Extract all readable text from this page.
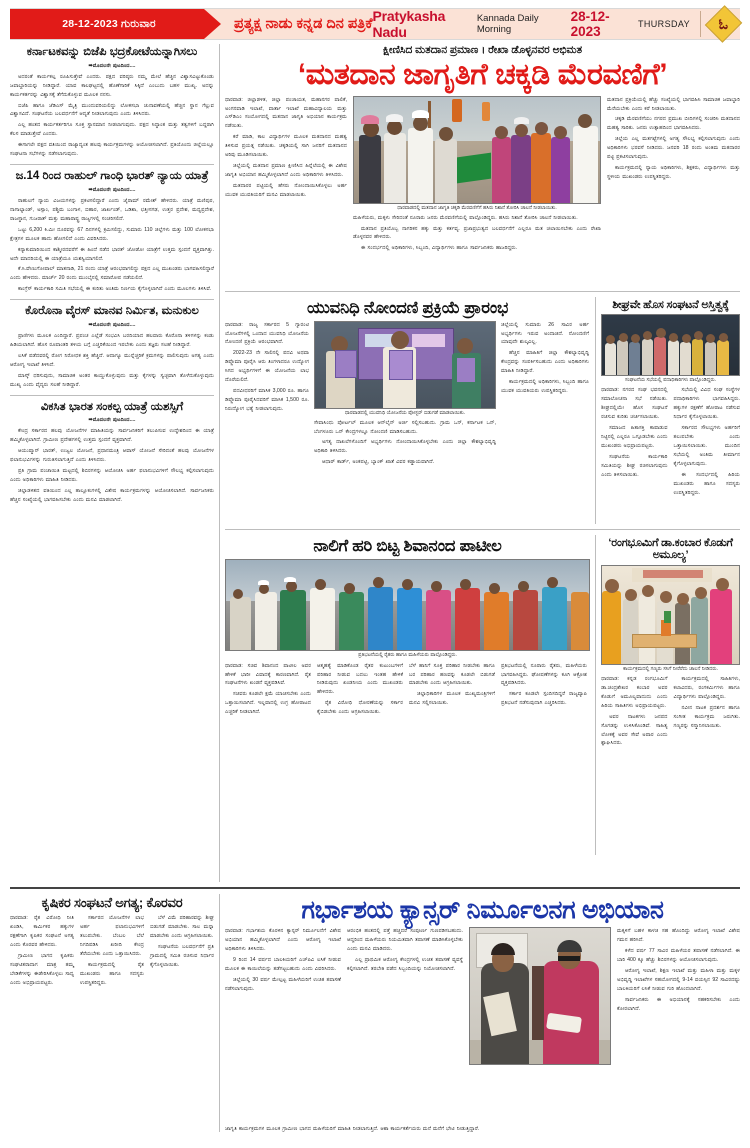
28-12-2023 ಗುರುವಾರ	ಪ್ರತ್ಯಕ್ಷ ನಾಡು ಕನ್ನಡ ದಿನ ಪತ್ರಿಕೆ Pratykasha Nadu
Kannada Daily Morning
28-12-2023	THURSDAY ಓ
ಕರ್ನಾಟಕವನ್ನು ಬಿಜೆಪಿ ಭದ್ರಕೋಟೆಯನ್ನಾಗಿಸಲು

➡ಮೊದಲನೇ ಪುಟದಿಂದ....

ಅದರಂತೆ ಕಾರ್ಯಕಲ್ಪ ರೂಪಿಸುತ್ತೇವೆ ಎಂದರು. ಪಕ್ಷದ ವರಿಷ್ಠರು ನಮ್ಮ ಮೇಲೆ ಹೆಚ್ಚಿನ ವಿಶ್ವಾಸವಿಟ್ಟುಕೊಂಡು ಜವಾಬ್ದಾರಿಯನ್ನು ನೀಡಿದ್ದಾರೆ. ಯಾವ ಕಾಲಘಟ್ಟದಲ್ಲಿ ಹೊಣೆಗಾರಿಕೆ ಸಿಕ್ಕಿದೆ ಎಂಬುದು ಬಹಳ ಮುಖ್ಯ. ಅದನ್ನು ಕಾರ್ಯಕರ್ತರನ್ನು ವಿಶ್ವಾಸಕ್ಕೆ ತೆಗೆದುಕೊಳ್ಳುವ ಮೂಲಕ ನನಸು.

ಬಿಜೆಪಿ ಹಾಗೂ ಜೆಡಿಎಸ್ ಮೈತ್ರಿ ಮುಂದುವರಿಯಲಿದ್ದು ಲೋಕಸಭಾ ಚುನಾವಣೆಯಲ್ಲಿ ಹೆಚ್ಚಿನ ಸ್ಥಾನ ಗೆಲ್ಲುವ ವಿಶ್ವಾಸವಿದೆ. ಸಂಘಟನೆಯ ಬಲವರ್ಧನೆಗೆ ಆದ್ಯತೆ ನೀಡಲಾಗುವುದು ಎಂದು ತಿಳಿಸಿದರು.

ಎಲ್ಲ ಹಂತದ ಕಾರ್ಯಕರ್ತರಿಗೂ ಸೂಕ್ತ ಸ್ಥಾನಮಾನ ನೀಡಲಾಗುವುದು. ಪಕ್ಷದ ಸಿದ್ಧಾಂತ ಮತ್ತು ತತ್ವಗಳಿಗೆ ಬದ್ಧರಾಗಿ ಕೆಲಸ ಮಾಡುತ್ತೇವೆ ಎಂದರು.

ಈಗಾಗಲೇ ಪಕ್ಷದ ವತಿಯಿಂದ ರಾಜ್ಯಾದ್ಯಂತ ಹಲವು ಕಾರ್ಯಕ್ರಮಗಳನ್ನು ಆಯೋಜಿಸಲಾಗಿದೆ. ಪ್ರತಿಯೊಂದು ಜಿಲ್ಲೆಯಲ್ಲೂ ಸಂಘಟನಾ ಸಭೆಗಳನ್ನು ನಡೆಸಲಾಗುವುದು.

ಜ.14 ರಿಂದ ರಾಹುಲ್ ಗಾಂಧಿ ಭಾರತ್ ನ್ಯಾಯ ಯಾತ್ರೆ

➡ಮೊದಲನೇ ಪುಟದಿಂದ....

ರಾಹುಲಗೆ ನ್ಯಾಯ ವಿಜಯಗಳನ್ನು ಪ್ರಕಟಿಸಲಿದ್ದಾರೆ ಎಂದು ಜೈರಾಮ್ ರಮೇಶ್ ಹೇಳಿದರು. ಯಾತ್ರೆ ಮಣಿಪುರ, ನಾಗಾಲ್ಯಾಂಡ್, ಅಸ್ಸಾಂ, ಪಶ್ಚಿಮ ಬಂಗಾಳ, ಬಿಹಾರ, ಜಾರ್ಖಂಡ್, ಒಡಿಶಾ, ಛತ್ತೀಸಗಢ, ಉತ್ತರ ಪ್ರದೇಶ, ಮಧ್ಯಪ್ರದೇಶ, ರಾಜಸ್ಥಾನ, ಗುಜರಾತ್ ಮತ್ತು ಮಹಾರಾಷ್ಟ್ರ ರಾಜ್ಯಗಳಲ್ಲಿ ಸಂಚರಿಸಲಿದೆ.

ಒಟ್ಟು 6,200 ಕಿ.ಮೀ ದೂರವನ್ನು 67 ದಿನಗಳಲ್ಲಿ ಕ್ರಮಿಸಲಿದ್ದು, ಸುಮಾರು 110 ಜಿಲ್ಲೆಗಳು ಮತ್ತು 100 ಲೋಕಸಭಾ ಕ್ಷೇತ್ರಗಳ ಮೂಲಕ ಹಾದು ಹೋಗಲಿದೆ ಎಂದು ವಿವರಿಸಿದರು.

ಕನ್ಯಾಕುಮಾರಿಯಿಂದ ಕಾಶ್ಮೀರದವರೆಗೆ ಈ ಹಿಂದೆ ನಡೆದ ಭಾರತ್ ಜೋಡೋ ಯಾತ್ರೆಗೆ ಉತ್ತಮ ಸ್ಪಂದನೆ ವ್ಯಕ್ತವಾಗಿತ್ತು. ಅದೇ ಮಾದರಿಯಲ್ಲಿ ಈ ಯಾತ್ರೆಯೂ ಯಶಸ್ವಿಯಾಗಲಿದೆ.

ಕೆ.ಸಿ.ವೇಣುಗೋಪಾಲ್ ಮಾತನಾಡಿ, 21 ರಂದು ಯಾತ್ರೆ ಆರಂಭವಾಗಲಿದ್ದು ಪಕ್ಷದ ಎಲ್ಲ ಮುಖಂಡರು ಭಾಗವಹಿಸಲಿದ್ದಾರೆ ಎಂದು ಹೇಳಿದರು. ಮಾರ್ಚ್ 20 ರಂದು ಮುಂಬೈನಲ್ಲಿ ಸಮಾರೋಪ ನಡೆಯಲಿದೆ.

ಕಾಂಗ್ರೆಸ್ ಕಾರ್ಯಕಾರಿ ಸಮಿತಿ ಸಭೆಯಲ್ಲಿ ಈ ಕುರಿತು ಅಂತಿಮ ನಿರ್ಣಯ ಕೈಗೊಳ್ಳಲಾಗಿದೆ ಎಂದು ಮೂಲಗಳು ತಿಳಿಸಿವೆ.

ಕೊರೊನಾ ವೈರಸ್ ಮಾನವ ನಿರ್ಮಿತ, ಮನುಕುಲ

➡ಮೊದಲನೇ ಪುಟದಿಂದ....

ಪ್ರಾಣಿಗಳು ಮೂಲಕ ಎಂದಿದ್ದಾರೆ. ಪ್ರಪಂಚ ಎಲ್ಲೆಡೆ ಸಂಭವಿಸಿ ಬರದಿಯಾದ ಹಲವಾರು ಕೊರೊನಾ ತಳಿಗಳನ್ನು ಕಂಡು ಹಿಡಿಯಲಾಗಿದೆ. ಹೊಸ ರೂಪಾಂತರಿ ತಳಿಯ ಬಗ್ಗೆ ಎಚ್ಚರಿಕೆಯಿಂದ ಇರಬೇಕು ಎಂದು ತಜ್ಞರು ಸಲಹೆ ನೀಡಿದ್ದಾರೆ.

ಲಸಿಕೆ ಪಡೆದವರಲ್ಲಿ ರೋಗ ನಿರೋಧಕ ಶಕ್ತಿ ಹೆಚ್ಚಿದೆ. ಆದಾಗ್ಯೂ ಮುನ್ನೆಚ್ಚರಿಕೆ ಕ್ರಮಗಳನ್ನು ಪಾಲಿಸುವುದು ಅಗತ್ಯ ಎಂದು ಆರೋಗ್ಯ ಇಲಾಖೆ ತಿಳಿಸಿದೆ.

ಮಾಸ್ಕ್ ಧರಿಸುವುದು, ಸಾಮಾಜಿಕ ಅಂತರ ಕಾಯ್ದುಕೊಳ್ಳುವುದು ಮತ್ತು ಕೈಗಳನ್ನು ಸ್ವಚ್ಛವಾಗಿ ತೊಳೆದುಕೊಳ್ಳುವುದು ಮುಖ್ಯ ಎಂದು ವೈದ್ಯರು ಸಲಹೆ ನೀಡಿದ್ದಾರೆ.

ವಿಕಸಿತ ಭಾರತ ಸಂಕಲ್ಪ ಯಾತ್ರೆ ಯಶಸ್ಸಿಗೆ

➡ಮೊದಲನೇ ಪುಟದಿಂದ....

ಕೇಂದ್ರ ಸರ್ಕಾರದ ಹಲವು ಯೋಜನೆಗಳ ಮಾಹಿತಿಯನ್ನು ಸಾರ್ವಜನಿಕರಿಗೆ ತಲುಪಿಸುವ ಉದ್ದೇಶದಿಂದ ಈ ಯಾತ್ರೆ ಹಮ್ಮಿಕೊಳ್ಳಲಾಗಿದೆ. ಗ್ರಾಮೀಣ ಪ್ರದೇಶಗಳಲ್ಲಿ ಉತ್ತಮ ಸ್ಪಂದನೆ ವ್ಯಕ್ತವಾಗಿದೆ.

ಆಯುಷ್ಮಾನ್ ಭಾರತ್, ಉಜ್ವಲ ಯೋಜನೆ, ಪ್ರಧಾನಮಂತ್ರಿ ಆವಾಸ್ ಯೋಜನೆ ಸೇರಿದಂತೆ ಹಲವು ಯೋಜನೆಗಳ ಫಲಾನುಭವಿಗಳನ್ನು ಗುರುತಿಸಲಾಗುತ್ತಿದೆ ಎಂದು ತಿಳಿಸಿದರು.

ಪ್ರತಿ ಗ್ರಾಮ ಪಂಚಾಯಿತಿ ಮಟ್ಟದಲ್ಲಿ ಶಿಬಿರಗಳನ್ನು ಆಯೋಜಿಸಿ ಅರ್ಹ ಫಲಾನುಭವಿಗಳಿಗೆ ಸೌಲಭ್ಯ ಕಲ್ಪಿಸಲಾಗುವುದು ಎಂದು ಅಧಿಕಾರಿಗಳು ಮಾಹಿತಿ ನೀಡಿದರು.

ಜಿಲ್ಲಾಡಳಿತದ ವತಿಯಿಂದ ಎಲ್ಲ ತಾಲ್ಲೂಕುಗಳಲ್ಲಿ ವಿಶೇಷ ಕಾರ್ಯಕ್ರಮಗಳನ್ನು ಆಯೋಜಿಸಲಾಗಿದೆ. ಸಾರ್ವಜನಿಕರು ಹೆಚ್ಚಿನ ಸಂಖ್ಯೆಯಲ್ಲಿ ಭಾಗವಹಿಸಬೇಕು ಎಂದು ಮನವಿ ಮಾಡಲಾಗಿದೆ.

ಕ್ಷೀಣಿಸಿದ ಮತದಾನ ಪ್ರಮಾಣ । ರೇಖಾ ಡೊಳ್ಳನವರ ಅಭಿಮತ
‘ಮತದಾನ ಜಾಗೃತಿಗೆ ಚಕ್ಕಡಿ ಮೆರವಣಿಗೆ’

ಧಾರವಾಡ: ಜಿಲ್ಲಾಡಳಿತ, ಜಿಲ್ಲಾ ಪಂಚಾಯತ, ಮಹಾನಗರ ಪಾಲಿಕೆ, ಅಂಗನವಾಡಿ ಇಲಾಖೆ, ವಾರ್ತಾ ಇಲಾಖೆ ಮಹಾವಿದ್ಯಾಲಯ ಮತ್ತು ಎಸ್‌ಡಿಎಂ ಸಂಯೋಗದಲ್ಲಿ ಮತದಾನ ಜಾಗೃತಿ ಅಭಿಯಾನ ಕಾರ್ಯಕ್ರಮ ನಡೆಯಿತು.

ಕರೆ ಮಾಡಿ, ಕಾಲ ವಿದ್ಯಾರ್ಥಿಗಳ ಮೂಲಕ ಮತದಾನದ ಮಹತ್ವ ತಿಳಿಸುವ ಪ್ರಯತ್ನ ನಡೆಯಿತು. ಚಕ್ಕಡಿಯಲ್ಲಿ ಸಾಗಿ ಜನರಿಗೆ ಮತದಾನದ ಅರಿವು ಮೂಡಿಸಲಾಯಿತು.

ಜಿಲ್ಲೆಯಲ್ಲಿ ಮತದಾನ ಪ್ರಮಾಣ ಕ್ಷೀಣಿಸಿದ ಹಿನ್ನೆಲೆಯಲ್ಲಿ ಈ ವಿಶೇಷ ಜಾಗೃತಿ ಅಭಿಯಾನ ಹಮ್ಮಿಕೊಳ್ಳಲಾಗಿದೆ ಎಂದು ಅಧಿಕಾರಿಗಳು ತಿಳಿಸಿದರು.

ಮತದಾರರ ಪಟ್ಟಿಯಲ್ಲಿ ಹೆಸರು ನೋಂದಾಯಿಸಿಕೊಳ್ಳಲು ಅರ್ಹ ಯುವಕ ಯುವತಿಯರಿಗೆ ಮನವಿ ಮಾಡಲಾಯಿತು.

ಧಾರವಾಡದಲ್ಲಿ ಮತದಾನ ಜಾಗೃತಿ ಚಕ್ಕಡಿ ಮೆರವಣಿಗೆಗೆ ಹಸಿರು ನಿಶಾನೆ ತೋರಿಸಿ ಚಾಲನೆ ನೀಡಲಾಯಿತು.

ಮಹಿಳೆಯರು, ಮಕ್ಕಳು ಸೇರಿದಂತೆ ನೂರಾರು ಜನರು ಮೆರವಣಿಗೆಯಲ್ಲಿ ಪಾಲ್ಗೊಂಡಿದ್ದರು. ಹಸಿರು ನಿಶಾನೆ ತೋರಿಸಿ ಚಾಲನೆ ನೀಡಲಾಯಿತು.

ಮತದಾನ ಪ್ರತಿಯೊಬ್ಬ ನಾಗರಿಕನ ಹಕ್ಕು ಮತ್ತು ಕರ್ತವ್ಯ. ಪ್ರಜಾಪ್ರಭುತ್ವದ ಬಲವರ್ಧನೆಗೆ ಎಲ್ಲರೂ ಮತ ಚಲಾಯಿಸಬೇಕು ಎಂದು ರೇಖಾ ಡೊಳ್ಳನವರ ಹೇಳಿದರು.

ಈ ಸಂದರ್ಭದಲ್ಲಿ ಅಧಿಕಾರಿಗಳು, ಸಿಬ್ಬಂದಿ, ವಿದ್ಯಾರ್ಥಿಗಳು ಹಾಗೂ ಸಾರ್ವಜನಿಕರು ಹಾಜರಿದ್ದರು.

ಮತದಾನ ಪ್ರಕ್ರಿಯೆಯಲ್ಲಿ ಹೆಚ್ಚು ಸಂಖ್ಯೆಯಲ್ಲಿ ಭಾಗವಹಿಸಿ ಸಾಮಾಜಿಕ ಜವಾಬ್ದಾರಿ ಮೆರೆಯಬೇಕು ಎಂದು ಕರೆ ನೀಡಲಾಯಿತು.

ಚಕ್ಕಡಿ ಮೆರವಣಿಗೆಯು ನಗರದ ಪ್ರಮುಖ ಬೀದಿಗಳಲ್ಲಿ ಸಂಚರಿಸಿ ಮತದಾನದ ಮಹತ್ವ ಸಾರಿತು. ಜನರು ಉತ್ಸಾಹದಿಂದ ಭಾಗವಹಿಸಿದರು.

ಜಿಲ್ಲೆಯ ಎಲ್ಲ ಮತಗಟ್ಟೆಗಳಲ್ಲಿ ಅಗತ್ಯ ಸೌಲಭ್ಯ ಕಲ್ಪಿಸಲಾಗುವುದು ಎಂದು ಅಧಿಕಾರಿಗಳು ಭರವಸೆ ನೀಡಿದರು. ಜನವರಿ 18 ರಂದು ಅಂತಿಮ ಮತದಾರರ ಪಟ್ಟಿ ಪ್ರಕಟಿಸಲಾಗುವುದು.

ಕಾರ್ಯಕ್ರಮದಲ್ಲಿ ನ್ಯಾಯ ಅಧಿಕಾರಿಗಳು, ಶಿಕ್ಷಕರು, ವಿದ್ಯಾರ್ಥಿಗಳು ಮತ್ತು ಸ್ಥಳೀಯ ಮುಖಂಡರು ಉಪಸ್ಥಿತರಿದ್ದರು.

ಯುವನಿಧಿ ನೋಂದಣಿ ಪ್ರಕ್ರಿಯೆ ಪ್ರಾರಂಭ

ಧಾರವಾಡ: ರಾಜ್ಯ ಸರ್ಕಾರದ 5 ಗ್ಯಾರಂಟಿ ಯೋಜನೆಗಳಲ್ಲಿ ಒಂದಾದ ಯುವನಿಧಿ ಯೋಜನೆಯ ನೋಂದಣಿ ಪ್ರಕ್ರಿಯೆ ಆರಂಭವಾಗಿದೆ.

2022-23 ನೇ ಸಾಲಿನಲ್ಲಿ ಪದವಿ ಅಥವಾ ಡಿಪ್ಲೊಮಾ ಪೂರೈಸಿ ಆರು ತಿಂಗಳಾದರೂ ಉದ್ಯೋಗ ಸಿಗದ ಅಭ್ಯರ್ಥಿಗಳಿಗೆ ಈ ಯೋಜನೆಯ ಲಾಭ ದೊರೆಯಲಿದೆ.

ಪದವೀಧರರಿಗೆ ಮಾಸಿಕ 3,000 ರೂ. ಹಾಗೂ ಡಿಪ್ಲೊಮಾ ಪೂರೈಸಿದವರಿಗೆ ಮಾಸಿಕ 1,500 ರೂ. ನಿರುದ್ಯೋಗ ಭತ್ಯೆ ನೀಡಲಾಗುವುದು.

ಧಾರವಾಡದಲ್ಲಿ ಯುವನಿಧಿ ಯೋಜನೆಯ ಪೋಸ್ಟರ್ ಬಿಡುಗಡೆ ಮಾಡಲಾಯಿತು.

ಸೇವಾಸಿಂಧು ಪೋರ್ಟಲ್ ಮೂಲಕ ಆನ್‌ಲೈನ್ ಅರ್ಜಿ ಸಲ್ಲಿಸಬಹುದು. ಗ್ರಾಮ ಒನ್, ಕರ್ನಾಟಕ ಒನ್, ಬೆಂಗಳೂರು ಒನ್ ಕೇಂದ್ರಗಳಲ್ಲೂ ನೋಂದಣಿ ಮಾಡಿಸಬಹುದು.

ಅಗತ್ಯ ದಾಖಲೆಗಳೊಂದಿಗೆ ಅಭ್ಯರ್ಥಿಗಳು ನೋಂದಾಯಿಸಿಕೊಳ್ಳಬೇಕು ಎಂದು ಜಿಲ್ಲಾ ಕೌಶಲ್ಯಾಭಿವೃದ್ಧಿ ಅಧಿಕಾರಿ ತಿಳಿಸಿದರು.

ಆಧಾರ್ ಕಾರ್ಡ್, ಅಂಕಪಟ್ಟಿ, ಬ್ಯಾಂಕ್ ಖಾತೆ ವಿವರ ಕಡ್ಡಾಯವಾಗಿದೆ.

ಜಿಲ್ಲೆಯಲ್ಲಿ ಸುಮಾರು 26 ಸಾವಿರ ಅರ್ಹ ಅಭ್ಯರ್ಥಿಗಳು ಇರುವ ಅಂದಾಜಿದೆ. ನೋಂದಣಿಗೆ ಯಾವುದೇ ಶುಲ್ಕವಿಲ್ಲ.

ಹೆಚ್ಚಿನ ಮಾಹಿತಿಗೆ ಜಿಲ್ಲಾ ಕೌಶಲ್ಯಾಭಿವೃದ್ಧಿ ಕೇಂದ್ರವನ್ನು ಸಂಪರ್ಕಿಸಬಹುದು ಎಂದು ಅಧಿಕಾರಿಗಳು ಮಾಹಿತಿ ನೀಡಿದ್ದಾರೆ.

ಕಾರ್ಯಕ್ರಮದಲ್ಲಿ ಅಧಿಕಾರಿಗಳು, ಸಿಬ್ಬಂದಿ ಹಾಗೂ ಯುವಕ ಯುವತಿಯರು ಉಪಸ್ಥಿತರಿದ್ದರು.

ಶೀಘ್ರವೇ ಹೊಸ ಸಂಘಟನೆ ಅಸ್ತಿತ್ವಕ್ಕೆ
ಸಂಘಟನೆಯ ಸಭೆಯಲ್ಲಿ ಪದಾಧಿಕಾರಿಗಳು ಪಾಲ್ಗೊಂಡಿದ್ದರು.

ಧಾರವಾಡ: ನಗರದ ಸಂಘ ಭವನದಲ್ಲಿ ಸಮಾಲೋಚನಾ ಸಭೆ ನಡೆಯಿತು. ಶೀಘ್ರದಲ್ಲಿಯೇ ಹೊಸ ಸಂಘಟನೆ ರಚಿಸುವ ಕುರಿತು ಚರ್ಚಿಸಲಾಯಿತು.

ಸಮಾಜದ ಹಿತಾಸಕ್ತಿ ಕಾಪಾಡುವ ನಿಟ್ಟಿನಲ್ಲಿ ಎಲ್ಲರೂ ಒಗ್ಗೂಡಬೇಕು ಎಂದು ಮುಖಂಡರು ಅಭಿಪ್ರಾಯಪಟ್ಟರು.

ಸಂಘಟನೆಯ ಕಾರ್ಯಕಾರಿ ಸಮಿತಿಯನ್ನು ಶೀಘ್ರ ರಚಿಸಲಾಗುವುದು ಎಂದು ತಿಳಿಸಲಾಯಿತು.

ಸಭೆಯಲ್ಲಿ ವಿವಿಧ ಸಂಘ ಸಂಸ್ಥೆಗಳ ಪದಾಧಿಕಾರಿಗಳು ಭಾಗವಹಿಸಿದ್ದರು. ಹಕ್ಕುಗಳ ರಕ್ಷಣೆಗೆ ಹೋರಾಟ ನಡೆಸುವ ನಿರ್ಧಾರ ಕೈಗೊಳ್ಳಲಾಯಿತು.

ಸರ್ಕಾರದ ಸೌಲಭ್ಯಗಳು ಅರ್ಹರಿಗೆ ತಲುಪಬೇಕು ಎಂದು ಒತ್ತಾಯಿಸಲಾಯಿತು. ಮುಂದಿನ ಸಭೆಯಲ್ಲಿ ಅಂತಿಮ ತೀರ್ಮಾನ ಕೈಗೊಳ್ಳಲಾಗುವುದು.

ಈ ಸಂದರ್ಭದಲ್ಲಿ ಹಿರಿಯ ಮುಖಂಡರು ಹಾಗೂ ಸದಸ್ಯರು ಉಪಸ್ಥಿತರಿದ್ದರು.

ನಾಲಿಗೆ ಹರಿ ಬಿಟ್ಟ ಶಿವಾನಂದ ಪಾಟೀಲ
ಪ್ರತಿಭಟನೆಯಲ್ಲಿ ರೈತರು ಹಾಗೂ ಮಹಿಳೆಯರು ಪಾಲ್ಗೊಂಡಿದ್ದರು.

ಧಾರವಾಡ: ಸಚಿವ ಶಿವಾನಂದ ಪಾಟೀಲ ಅವರ ಹೇಳಿಕೆ ಭಾರೀ ವಿವಾದಕ್ಕೆ ಕಾರಣವಾಗಿದೆ. ರೈತ ಸಂಘಟನೆಗಳು ಖಂಡನೆ ವ್ಯಕ್ತಪಡಿಸಿವೆ.

ಸಚಿವರು ಕೂಡಲೇ ಕ್ಷಮೆ ಯಾಚಿಸಬೇಕು ಎಂದು ಒತ್ತಾಯಿಸಲಾಗಿದೆ. ಇಲ್ಲವಾದಲ್ಲಿ ಉಗ್ರ ಹೋರಾಟದ ಎಚ್ಚರಿಕೆ ನೀಡಲಾಗಿದೆ.

ಆತ್ಮಹತ್ಯೆ ಮಾಡಿಕೊಂಡ ರೈತರ ಕುಟುಂಬಗಳಿಗೆ ಪರಿಹಾರ ನೀಡುವ ಬದಲು ಇಂತಹ ಹೇಳಿಕೆ ನೀಡಿರುವುದು ಖಂಡನೀಯ ಎಂದು ಮುಖಂಡರು ಹೇಳಿದರು.

ರೈತ ವಿರೋಧಿ ಧೋರಣೆಯನ್ನು ಸರ್ಕಾರ ಕೈಬಿಡಬೇಕು ಎಂದು ಆಗ್ರಹಿಸಲಾಯಿತು.

ಬೆಳೆ ಹಾನಿಗೆ ಸೂಕ್ತ ಪರಿಹಾರ ನೀಡಬೇಕು ಹಾಗೂ ಬರ ಪರಿಹಾರ ಹಣವನ್ನು ಕೂಡಲೇ ಬಿಡುಗಡೆ ಮಾಡಬೇಕು ಎಂದು ಆಗ್ರಹಿಸಲಾಯಿತು.

ಜಿಲ್ಲಾಧಿಕಾರಿಗಳ ಮೂಲಕ ಮುಖ್ಯಮಂತ್ರಿಗಳಿಗೆ ಮನವಿ ಸಲ್ಲಿಸಲಾಯಿತು.

ಪ್ರತಿಭಟನೆಯಲ್ಲಿ ನೂರಾರು ರೈತರು, ಮಹಿಳೆಯರು ಭಾಗವಹಿಸಿದ್ದರು. ಘೋಷಣೆಗಳನ್ನು ಕೂಗಿ ಆಕ್ರೋಶ ವ್ಯಕ್ತಪಡಿಸಿದರು.

ಸರ್ಕಾರ ಕೂಡಲೇ ಸ್ಪಂದಿಸದಿದ್ದರೆ ರಾಜ್ಯವ್ಯಾಪಿ ಪ್ರತಿಭಟನೆ ನಡೆಸುವುದಾಗಿ ಎಚ್ಚರಿಸಿದರು.

‘ರಂಗಭೂಮಿಗೆ ಡಾ.ಕಂಬಾರ ಕೊಡುಗೆ ಅಮೂಲ್ಯ’
ಕಾರ್ಯಕ್ರಮದಲ್ಲಿ ಗಣ್ಯರು ಸಸಿಗೆ ನೀರೆರೆದು ಚಾಲನೆ ನೀಡಿದರು.

ಧಾರವಾಡ: ಕನ್ನಡ ರಂಗಭೂಮಿಗೆ ಡಾ.ಚಂದ್ರಶೇಖರ ಕಂಬಾರ ಅವರ ಕೊಡುಗೆ ಅಮೂಲ್ಯವಾದುದು ಎಂದು ಹಿರಿಯ ಸಾಹಿತಿಗಳು ಅಭಿಪ್ರಾಯಪಟ್ಟರು.

ಅವರ ನಾಟಕಗಳು ಜನಪದ ಸೊಗಡನ್ನು ಉಳಿಸಿಕೊಂಡಿವೆ. ಸಾಹಿತ್ಯ ಲೋಕಕ್ಕೆ ಅವರ ಸೇವೆ ಅಪಾರ ಎಂದು ಶ್ಲಾಘಿಸಿದರು.

ಕಾರ್ಯಕ್ರಮದಲ್ಲಿ ಸಾಹಿತಿಗಳು, ಕಲಾವಿದರು, ರಂಗಕರ್ಮಿಗಳು ಹಾಗೂ ವಿದ್ಯಾರ್ಥಿಗಳು ಪಾಲ್ಗೊಂಡಿದ್ದರು.

ನವೀನ ನಾಟಕ ಪ್ರದರ್ಶನ ಹಾಗೂ ಸಂಗೀತ ಕಾರ್ಯಕ್ರಮ ಜರುಗಿತು. ಗಣ್ಯರನ್ನು ಸನ್ಮಾನಿಸಲಾಯಿತು.

ಕೃಷಿಕರ ಸಂಘಟನೆ ಅಗತ್ಯ; ಕೊರವರ

ಧಾರವಾಡ: ರೈತ ವಿರೋಧಿ ನೀತಿ ಖಂಡಿಸಿ, ಕಾರ್ಮಿಕರ ಹಕ್ಕುಗಳ ರಕ್ಷಣೆಗಾಗಿ ಕೃಷಿಕರ ಸಂಘಟನೆ ಅಗತ್ಯ ಎಂದು ಕೊರವರ ಹೇಳಿದರು.

ಗ್ರಾಮೀಣ ಭಾಗದ ಕೃಷಿಕರು ಸಂಘಟಿತರಾದಾಗ ಮಾತ್ರ ತಮ್ಮ ಬೇಡಿಕೆಗಳನ್ನು ಈಡೇರಿಸಿಕೊಳ್ಳಲು ಸಾಧ್ಯ ಎಂದು ಅಭಿಪ್ರಾಯಪಟ್ಟರು.

ಸರ್ಕಾರದ ಯೋಜನೆಗಳ ಲಾಭ ಅರ್ಹ ಫಲಾನುಭವಿಗಳಿಗೆ ತಲುಪಬೇಕು. ಬೆಂಬಲ ಬೆಲೆ ನಿಗದಿಪಡಿಸಿ ಖರೀದಿ ಕೇಂದ್ರ ತೆರೆಯಬೇಕು ಎಂದು ಒತ್ತಾಯಿಸಿದರು.

ಕಾರ್ಯಕ್ರಮದಲ್ಲಿ ರೈತ ಮುಖಂಡರು ಹಾಗೂ ಸದಸ್ಯರು ಉಪಸ್ಥಿತರಿದ್ದರು.

ಬೆಳೆ ವಿಮೆ ಪರಿಹಾರವನ್ನು ಶೀಘ್ರ ಬಿಡುಗಡೆ ಮಾಡಬೇಕು. ಸಾಲ ಮನ್ನಾ ಮಾಡಬೇಕು ಎಂದು ಆಗ್ರಹಿಸಲಾಯಿತು.

ಸಂಘಟನೆಯ ಬಲವರ್ಧನೆಗೆ ಪ್ರತಿ ಗ್ರಾಮದಲ್ಲಿ ಸಮಿತಿ ರಚಿಸುವ ನಿರ್ಧಾರ ಕೈಗೊಳ್ಳಲಾಯಿತು.

ಗರ್ಭಾಶಯ ಕ್ಯಾನ್ಸರ್ ನಿರ್ಮೂಲನಗ ಅಭಿಯಾನ

ಧಾರವಾಡ: ಗರ್ಭಾಶಯ ಕೊರಳಿನ ಕ್ಯಾನ್ಸರ್ ನಿರ್ಮೂಲನೆಗೆ ವಿಶೇಷ ಅಭಿಯಾನ ಹಮ್ಮಿಕೊಳ್ಳಲಾಗಿದೆ ಎಂದು ಆರೋಗ್ಯ ಇಲಾಖೆ ಅಧಿಕಾರಿಗಳು ತಿಳಿಸಿದರು.

9 ರಿಂದ 14 ವರ್ಷದ ಬಾಲಕಿಯರಿಗೆ ಎಚ್‌ಪಿವಿ ಲಸಿಕೆ ನೀಡುವ ಮೂಲಕ ಈ ಕಾಯಿಲೆಯನ್ನು ತಡೆಗಟ್ಟಬಹುದು ಎಂದು ವಿವರಿಸಿದರು.

ಜಿಲ್ಲೆಯಲ್ಲಿ 30 ವರ್ಷ ಮೇಲ್ಪಟ್ಟ ಮಹಿಳೆಯರಿಗೆ ಉಚಿತ ತಪಾಸಣೆ ನಡೆಸಲಾಗುವುದು.

ಆರಂಭಿಕ ಹಂತದಲ್ಲಿ ಪತ್ತೆ ಹಚ್ಚಿದರೆ ಸಂಪೂರ್ಣ ಗುಣಪಡಿಸಬಹುದು. ಆದ್ದರಿಂದ ಮಹಿಳೆಯರು ನಿಯಮಿತವಾಗಿ ತಪಾಸಣೆ ಮಾಡಿಸಿಕೊಳ್ಳಬೇಕು ಎಂದು ಮನವಿ ಮಾಡಿದರು.

ಎಲ್ಲ ಪ್ರಾಥಮಿಕ ಆರೋಗ್ಯ ಕೇಂದ್ರಗಳಲ್ಲಿ ಉಚಿತ ತಪಾಸಣೆ ವ್ಯವಸ್ಥೆ ಕಲ್ಪಿಸಲಾಗಿದೆ. ತರಬೇತಿ ಪಡೆದ ಸಿಬ್ಬಂದಿಯನ್ನು ನಿಯೋಜಿಸಲಾಗಿದೆ.

ಮಕ್ಕಳಿಗೆ ಬಹಳ ಕಾಳಜಿ ಸಹ ಹೊಂದಿದ್ದು ಆರೋಗ್ಯ ಇಲಾಖೆ ವಿಶೇಷ ಗಮನ ಹರಿಸಿದೆ.

ಕಳೆದ ವರ್ಷ 77 ಸಾವಿರ ಮಹಿಳೆಯರ ತಪಾಸಣೆ ನಡೆಸಲಾಗಿದೆ. ಈ ಬಾರಿ 400 ಕ್ಕೂ ಹೆಚ್ಚು ಶಿಬಿರಗಳನ್ನು ಆಯೋಜಿಸಲಾಗುವುದು.

ಆರೋಗ್ಯ ಇಲಾಖೆ, ಶಿಕ್ಷಣ ಇಲಾಖೆ ಮತ್ತು ಮಹಿಳಾ ಮತ್ತು ಮಕ್ಕಳ ಅಭಿವೃದ್ಧಿ ಇಲಾಖೆಗಳ ಸಹಯೋಗದಲ್ಲಿ 9-14 ವಯಸ್ಸಿನ 92 ಸಾವಿರದಷ್ಟು ಬಾಲಕಿಯರಿಗೆ ಲಸಿಕೆ ನೀಡುವ ಗುರಿ ಹೊಂದಲಾಗಿದೆ.

ಸಾರ್ವಜನಿಕರು ಈ ಅಭಿಯಾನಕ್ಕೆ ಸಹಕರಿಸಬೇಕು ಎಂದು ಕೋರಲಾಗಿದೆ.

ಜಾಗೃತಿ ಕಾರ್ಯಕ್ರಮಗಳ ಮೂಲಕ ಗ್ರಾಮೀಣ ಭಾಗದ ಮಹಿಳೆಯರಿಗೆ ಮಾಹಿತಿ ನೀಡಲಾಗುತ್ತಿದೆ. ಆಶಾ ಕಾರ್ಯಕರ್ತೆಯರು ಮನೆ ಮನೆಗೆ ಭೇಟಿ ನೀಡುತ್ತಿದ್ದಾರೆ.
